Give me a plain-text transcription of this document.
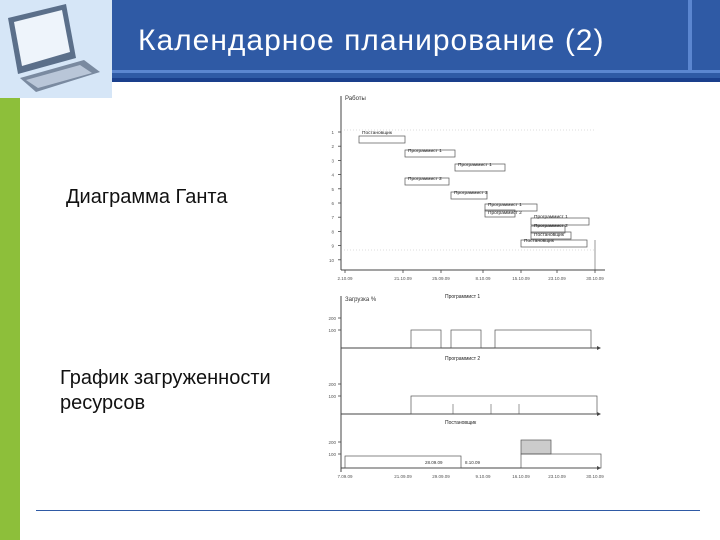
Календарное планирование (2)
Диаграмма Ганта
График загруженности
ресурсов
Работы
Постановщик
Программист 1
Программист 1
Программист 2
Программист 2
Программист 1
Программист 2
Программист 1
Программист 2
Постановщик
Постановщик
1
2
3
4
5
6
7
8
9
10
2.10.09	21.10.09	25.09.09	8.10.09	15.10.09	23.10.09	30.10.09
Загрузка %	Программист 1
Программист 2
Постановщик
200
100
200
100
200
100
28.09.09	8.10.09
7.09.09	21.09.09	29.09.09	9.10.09	16.10.09	23.10.09	30.10.09
